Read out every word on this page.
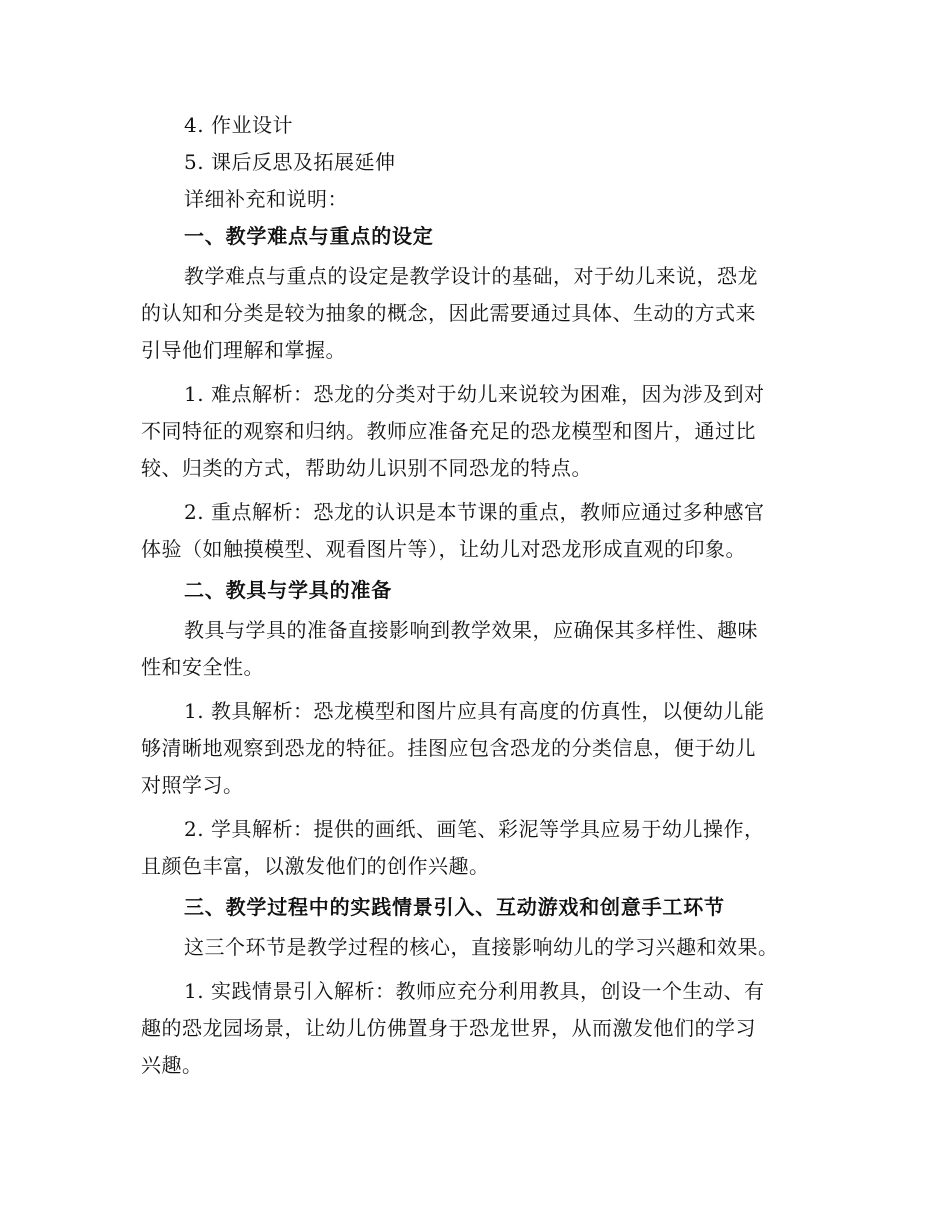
4. 作业设计
5. 课后反思及拓展延伸
详细补充和说明：
一、教学难点与重点的设定
教学难点与重点的设定是教学设计的基础，对于幼儿来说，恐龙
的认知和分类是较为抽象的概念，因此需要通过具体、生动的方式来
引导他们理解和掌握。
1. 难点解析：恐龙的分类对于幼儿来说较为困难，因为涉及到对
不同特征的观察和归纳。教师应准备充足的恐龙模型和图片，通过比
较、归类的方式，帮助幼儿识别不同恐龙的特点。
2. 重点解析：恐龙的认识是本节课的重点，教师应通过多种感官
体验（如触摸模型、观看图片等），让幼儿对恐龙形成直观的印象。
二、教具与学具的准备
教具与学具的准备直接影响到教学效果，应确保其多样性、趣味
性和安全性。
1. 教具解析：恐龙模型和图片应具有高度的仿真性，以便幼儿能
够清晰地观察到恐龙的特征。挂图应包含恐龙的分类信息，便于幼儿
对照学习。
2. 学具解析：提供的画纸、画笔、彩泥等学具应易于幼儿操作，
且颜色丰富，以激发他们的创作兴趣。
三、教学过程中的实践情景引入、互动游戏和创意手工环节
这三个环节是教学过程的核心，直接影响幼儿的学习兴趣和效果。
1. 实践情景引入解析：教师应充分利用教具，创设一个生动、有
趣的恐龙园场景，让幼儿仿佛置身于恐龙世界，从而激发他们的学习
兴趣。
